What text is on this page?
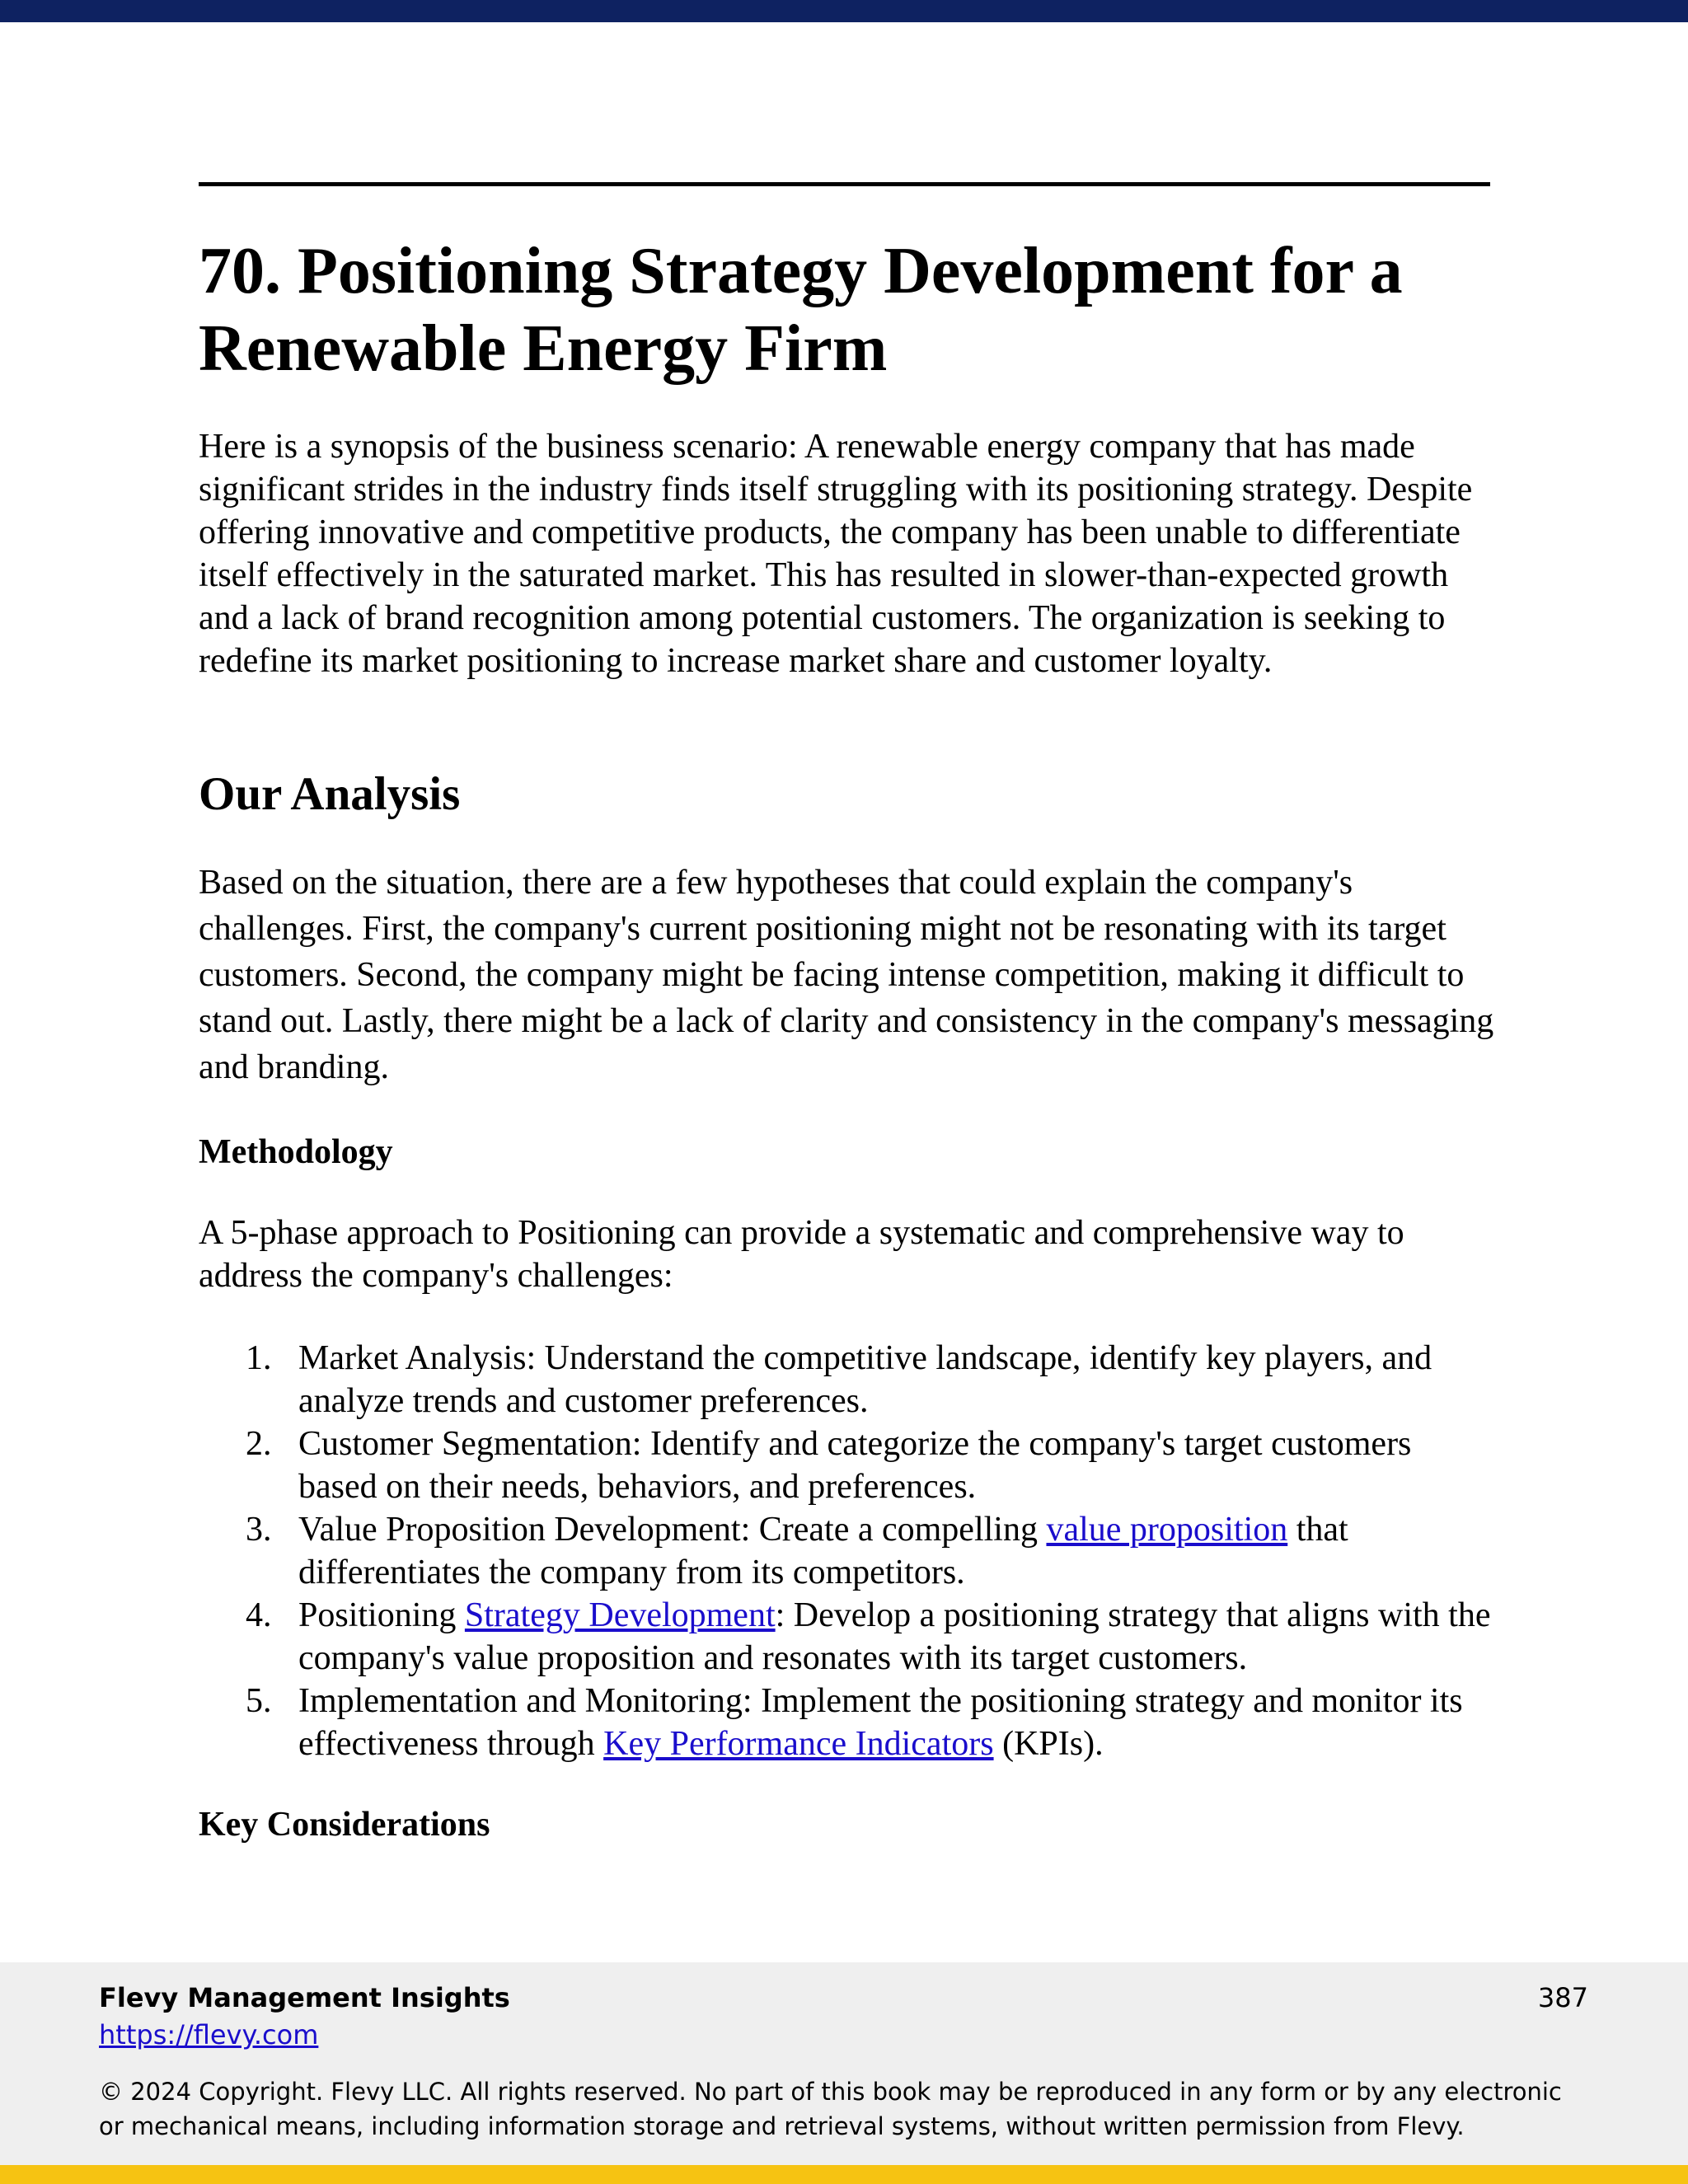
70. Positioning Strategy Development for a Renewable Energy Firm

Here is a synopsis of the business scenario: A renewable energy company that has made significant strides in the industry finds itself struggling with its positioning strategy. Despite offering innovative and competitive products, the company has been unable to differentiate itself effectively in the saturated market. This has resulted in slower-than-expected growth and a lack of brand recognition among potential customers. The organization is seeking to redefine its market positioning to increase market share and customer loyalty.

Our Analysis

Based on the situation, there are a few hypotheses that could explain the company's challenges. First, the company's current positioning might not be resonating with its target customers. Second, the company might be facing intense competition, making it difficult to stand out. Lastly, there might be a lack of clarity and consistency in the company's messaging and branding.

Methodology

A 5-phase approach to Positioning can provide a systematic and comprehensive way to address the company's challenges:

1. Market Analysis: Understand the competitive landscape, identify key players, and analyze trends and customer preferences.
2. Customer Segmentation: Identify and categorize the company's target customers based on their needs, behaviors, and preferences.
3. Value Proposition Development: Create a compelling value proposition that differentiates the company from its competitors.
4. Positioning Strategy Development: Develop a positioning strategy that aligns with the company's value proposition and resonates with its target customers.
5. Implementation and Monitoring: Implement the positioning strategy and monitor its effectiveness through Key Performance Indicators (KPIs).
Key Considerations
Flevy Management Insights
https://flevy.com
387
© 2024 Copyright. Flevy LLC. All rights reserved. No part of this book may be reproduced in any form or by any electronic or mechanical means, including information storage and retrieval systems, without written permission from Flevy.
